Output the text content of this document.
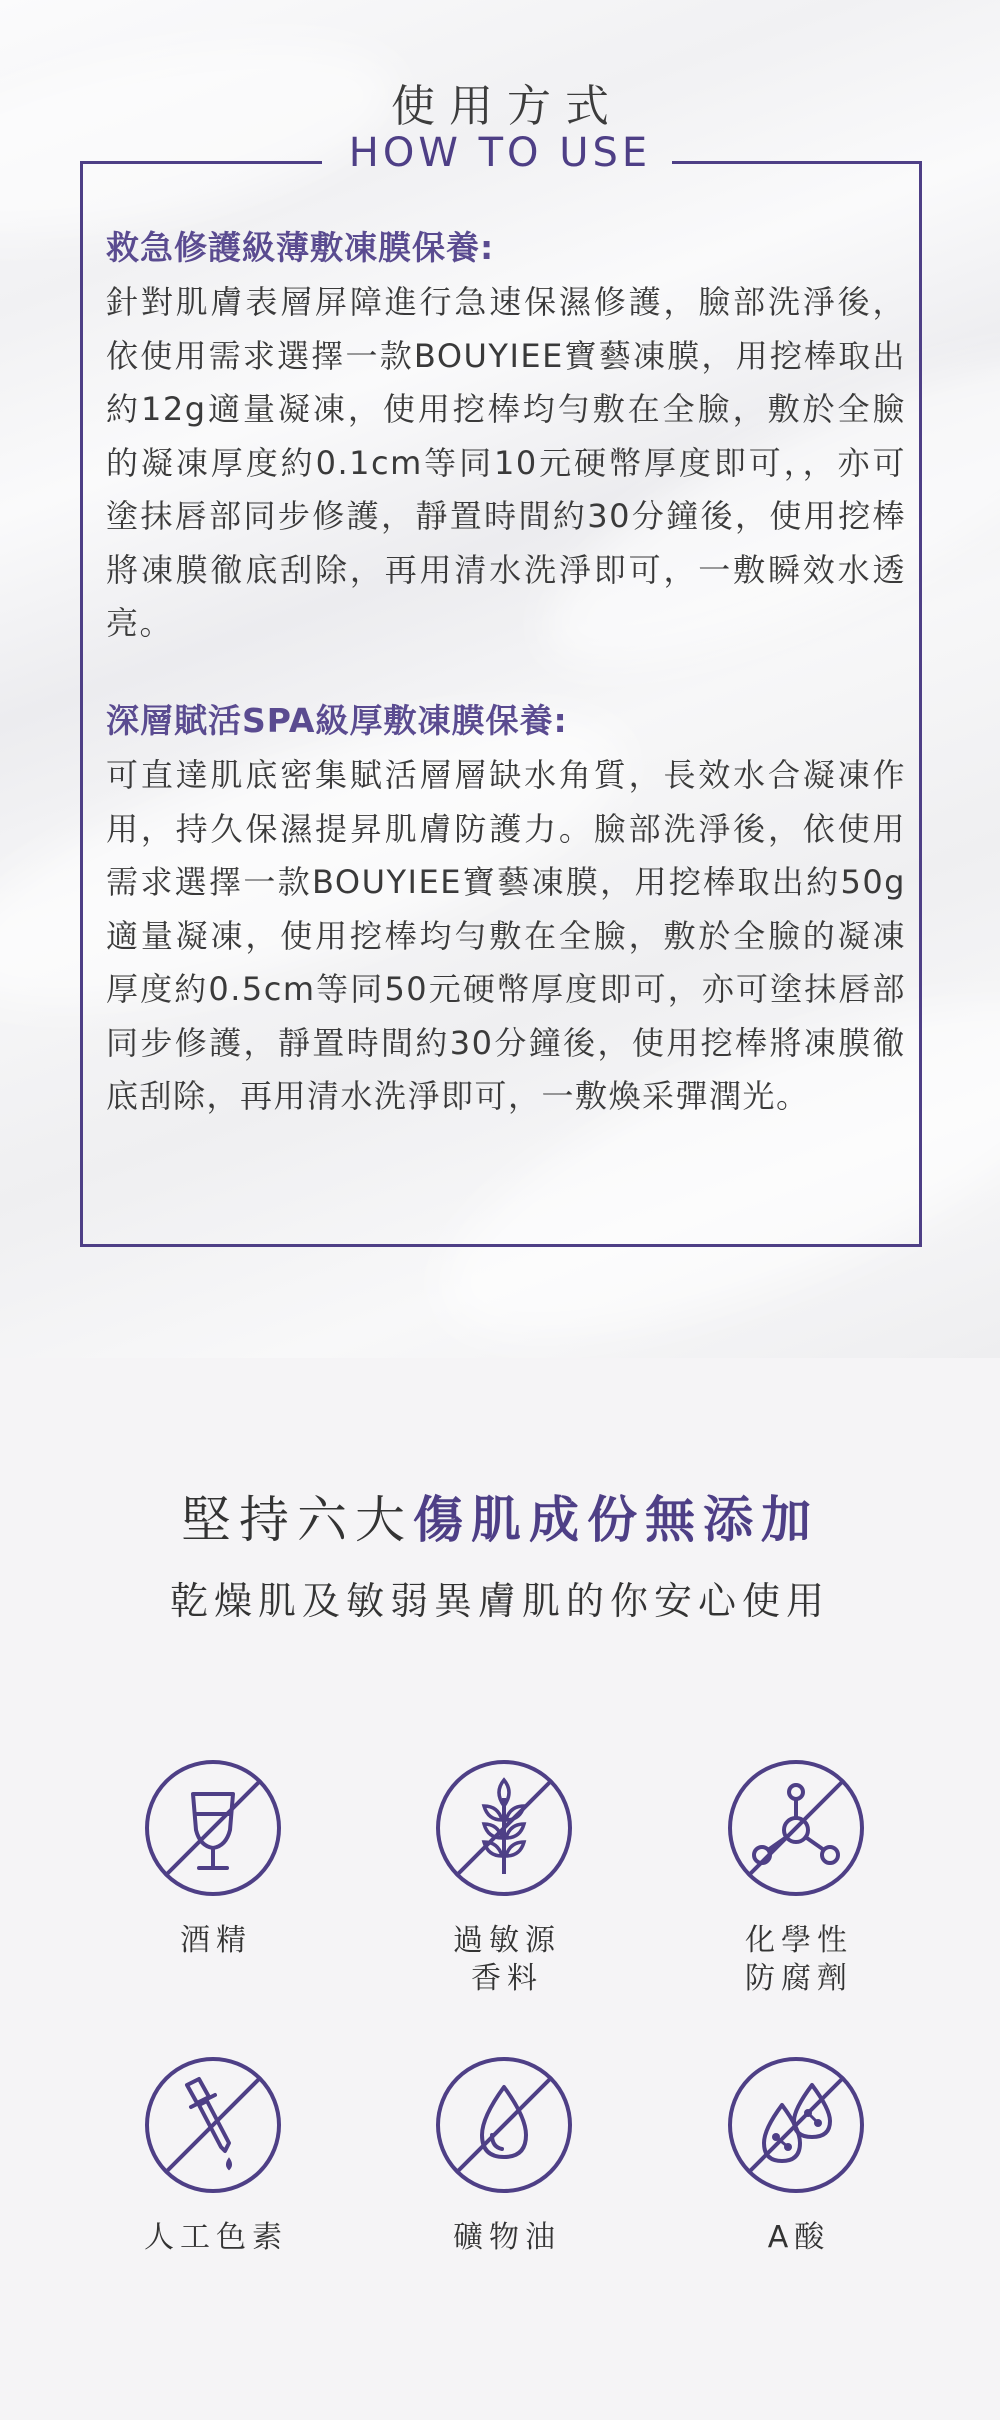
使用方式
HOW TO USE
救急修護級薄敷凍膜保養:
針對肌膚表層屏障進行急速保濕修護，臉部洗淨後，依使用需求選擇一款BOUYIEE寶藝凍膜，用挖棒取出約12g適量凝凍，使用挖棒均勻敷在全臉，敷於全臉的凝凍厚度約0.1cm等同10元硬幣厚度即可，，亦可塗抹唇部同步修護，靜置時間約30分鐘後，使用挖棒將凍膜徹底刮除，再用清水洗淨即可，一敷瞬效水透亮。
深層賦活SPA級厚敷凍膜保養:
可直達肌底密集賦活層層缺水角質，長效水合凝凍作用，持久保濕提昇肌膚防護力。臉部洗淨後，依使用需求選擇一款BOUYIEE寶藝凍膜，用挖棒取出約50g適量凝凍，使用挖棒均勻敷在全臉，敷於全臉的凝凍厚度約0.5cm等同50元硬幣厚度即可，亦可塗抹唇部同步修護，靜置時間約30分鐘後，使用挖棒將凍膜徹底刮除，再用清水洗淨即可，一敷煥采彈潤光。
堅持六大傷肌成份無添加
乾燥肌及敏弱異膚肌的你安心使用
酒精	過敏源
香料
化學性
防腐劑
人工色素	礦物油	A酸
